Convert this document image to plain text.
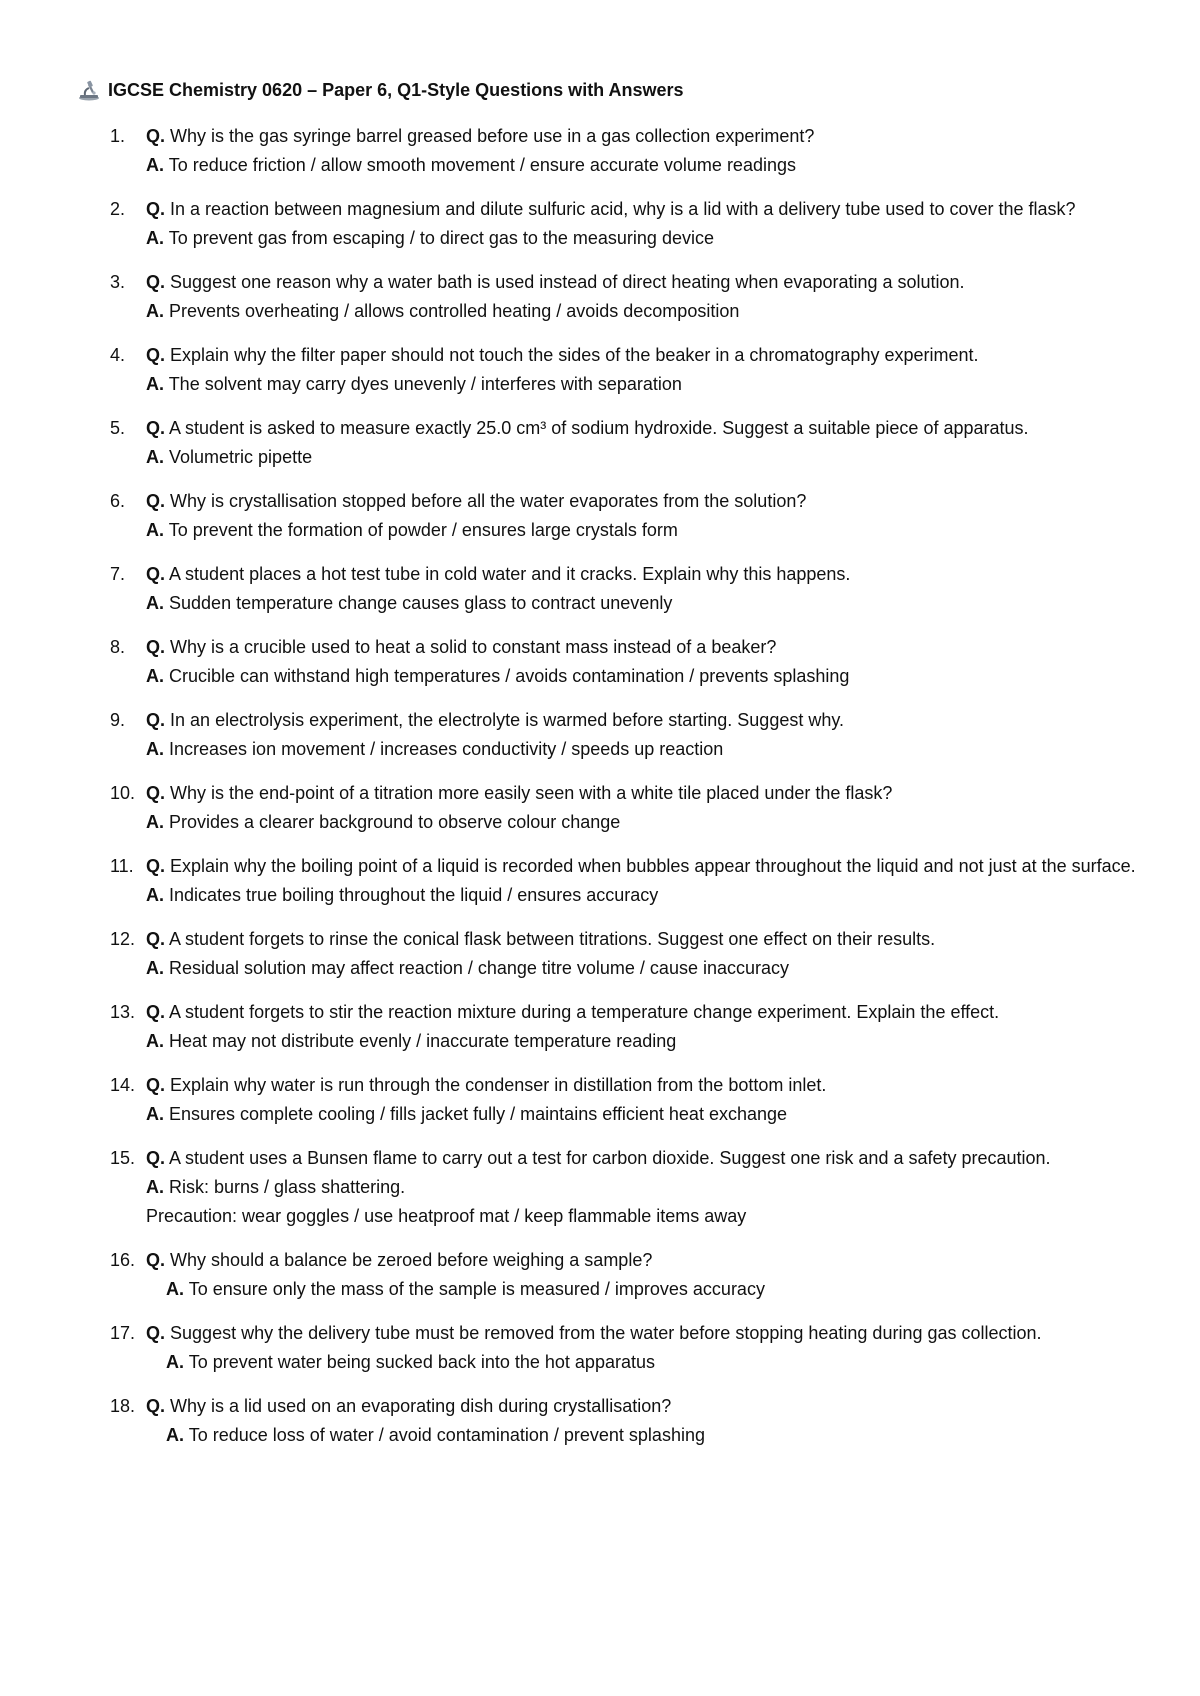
IGCSE Chemistry 0620 – Paper 6, Q1-Style Questions with Answers
1.	Q. Why is the gas syringe barrel greased before use in a gas collection experiment?
A. To reduce friction / allow smooth movement / ensure accurate volume readings
2.	Q. In a reaction between magnesium and dilute sulfuric acid, why is a lid with a delivery tube used to cover the flask?
A. To prevent gas from escaping / to direct gas to the measuring device
3.	Q. Suggest one reason why a water bath is used instead of direct heating when evaporating a solution.
A. Prevents overheating / allows controlled heating / avoids decomposition
4.	Q. Explain why the filter paper should not touch the sides of the beaker in a chromatography experiment.
A. The solvent may carry dyes unevenly / interferes with separation
5.	Q. A student is asked to measure exactly 25.0 cm³ of sodium hydroxide. Suggest a suitable piece of apparatus.
A. Volumetric pipette
6.	Q. Why is crystallisation stopped before all the water evaporates from the solution?
A. To prevent the formation of powder / ensures large crystals form
7.	Q. A student places a hot test tube in cold water and it cracks. Explain why this happens.
A. Sudden temperature change causes glass to contract unevenly
8.	Q. Why is a crucible used to heat a solid to constant mass instead of a beaker?
A. Crucible can withstand high temperatures / avoids contamination / prevents splashing
9.	Q. In an electrolysis experiment, the electrolyte is warmed before starting. Suggest why.
A. Increases ion movement / increases conductivity / speeds up reaction
10. Q. Why is the end-point of a titration more easily seen with a white tile placed under the flask?
A. Provides a clearer background to observe colour change
11. Q. Explain why the boiling point of a liquid is recorded when bubbles appear throughout the liquid and not just at the surface.
A. Indicates true boiling throughout the liquid / ensures accuracy
12. Q. A student forgets to rinse the conical flask between titrations. Suggest one effect on their results.
A. Residual solution may affect reaction / change titre volume / cause inaccuracy
13. Q. A student forgets to stir the reaction mixture during a temperature change experiment. Explain the effect.
A. Heat may not distribute evenly / inaccurate temperature reading
14. Q. Explain why water is run through the condenser in distillation from the bottom inlet.
A. Ensures complete cooling / fills jacket fully / maintains efficient heat exchange
15. Q. A student uses a Bunsen flame to carry out a test for carbon dioxide. Suggest one risk and a safety precaution.
A. Risk: burns / glass shattering.
Precaution: wear goggles / use heatproof mat / keep flammable items away
16. Q. Why should a balance be zeroed before weighing a sample?
A. To ensure only the mass of the sample is measured / improves accuracy
17. Q. Suggest why the delivery tube must be removed from the water before stopping heating during gas collection.
A. To prevent water being sucked back into the hot apparatus
18. Q. Why is a lid used on an evaporating dish during crystallisation?
A. To reduce loss of water / avoid contamination / prevent splashing
